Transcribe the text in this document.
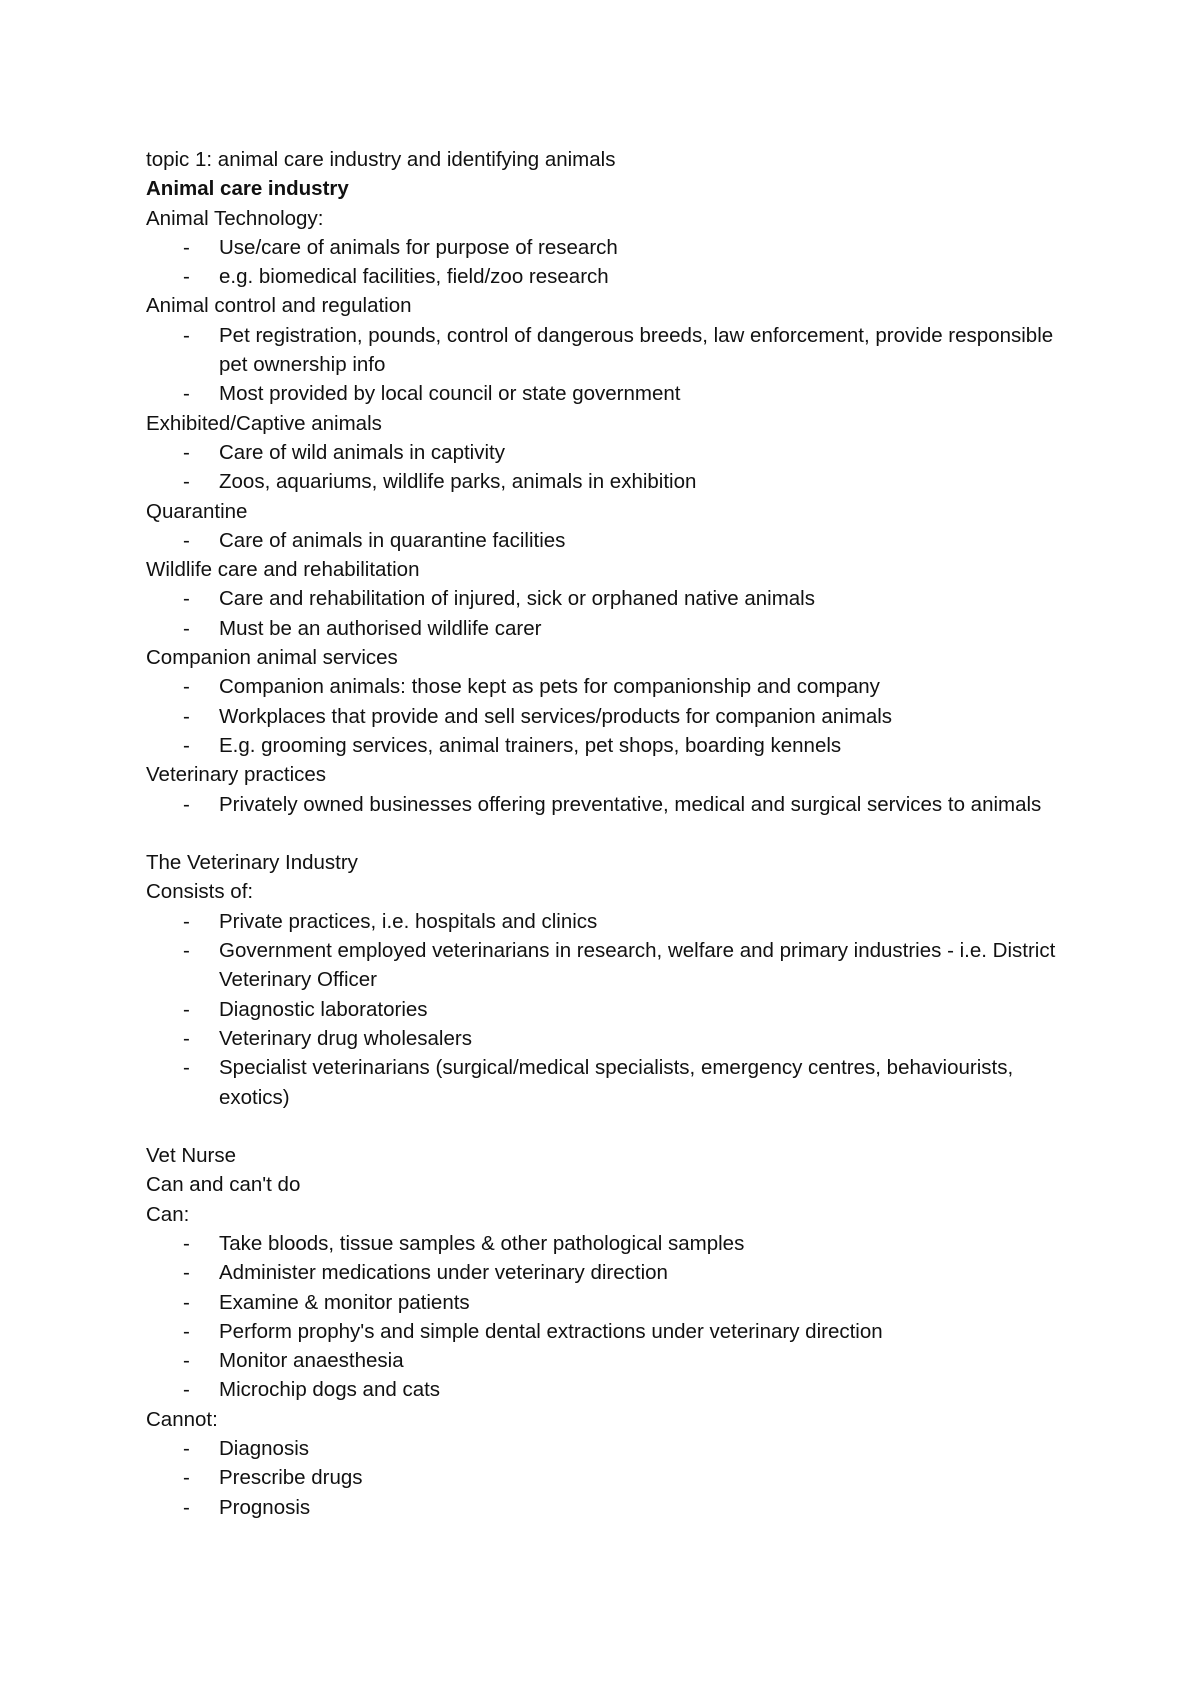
topic 1: animal care industry and identifying animals
Animal care industry
Animal Technology:
- Use/care of animals for purpose of research
- e.g. biomedical facilities, field/zoo research
Animal control and regulation
- Pet registration, pounds, control of dangerous breeds, law enforcement, provide responsible pet ownership info
- Most provided by local council or state government
Exhibited/Captive animals
- Care of wild animals in captivity
- Zoos, aquariums, wildlife parks, animals in exhibition
Quarantine
- Care of animals in quarantine facilities
Wildlife care and rehabilitation
- Care and rehabilitation of injured, sick or orphaned native animals
- Must be an authorised wildlife carer
Companion animal services
- Companion animals: those kept as pets for companionship and company
- Workplaces that provide and sell services/products for companion animals
- E.g. grooming services, animal trainers, pet shops, boarding kennels
Veterinary practices
- Privately owned businesses offering preventative, medical and surgical services to animals
The Veterinary Industry
Consists of:
- Private practices, i.e. hospitals and clinics
- Government employed veterinarians in research, welfare and primary industries - i.e. District Veterinary Officer
- Diagnostic laboratories
- Veterinary drug wholesalers
- Specialist veterinarians (surgical/medical specialists, emergency centres, behaviourists, exotics)
Vet Nurse
Can and can't do
Can:
- Take bloods, tissue samples & other pathological samples
- Administer medications under veterinary direction
- Examine & monitor patients
- Perform prophy's and simple dental extractions under veterinary direction
- Monitor anaesthesia
- Microchip dogs and cats
Cannot:
- Diagnosis
- Prescribe drugs
- Prognosis
